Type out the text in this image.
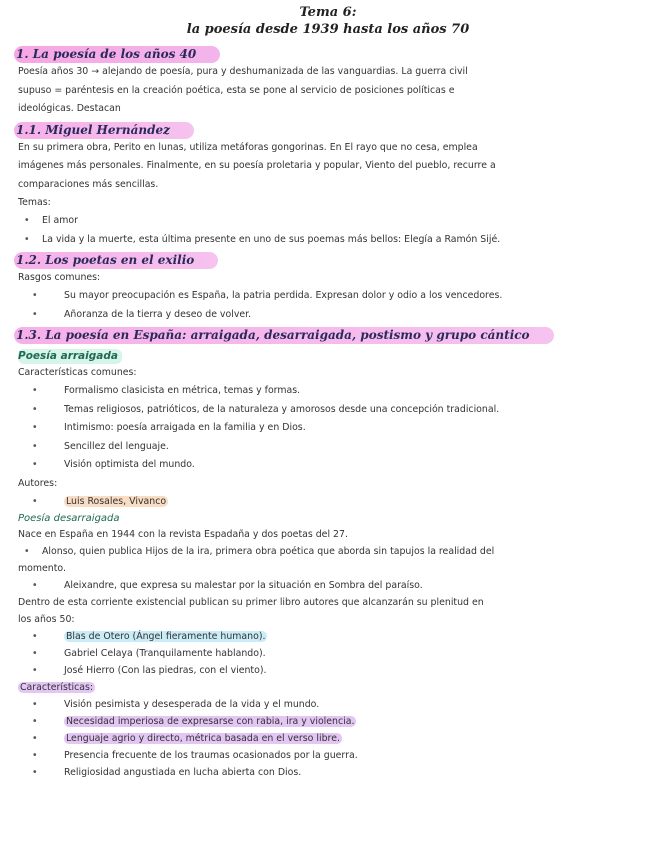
Tema 6:
la poesía desde 1939 hasta los años 70
1. La poesía de los años 40

Poesía años 30 → alejando de poesía, pura y deshumanizada de las vanguardias. La guerra civil

supuso = paréntesis en la creación poética, esta se pone al servicio de posiciones políticas e

ideológicas. Destacan

1.1. Miguel Hernández

En su primera obra, Perito en lunas, utiliza metáforas gongorinas. En El rayo que no cesa, emplea

imágenes más personales. Finalmente, en su poesía proletaria y popular, Viento del pueblo, recurre a

comparaciones más sencillas.

Temas:
• El amor
• La vida y la muerte, esta última presente en uno de sus poemas más bellos: Elegía a Ramón Sijé.
1.2. Los poetas en el exilio
Rasgos comunes:
• Su mayor preocupación es España, la patria perdida. Expresan dolor y odio a los vencedores.
• Añoranza de la tierra y deseo de volver.
1.3. La poesía en España: arraigada, desarraigada, postismo y grupo cántico
Poesía arraigada
Características comunes:
• Formalismo clasicista en métrica, temas y formas.
• Temas religiosos, patrióticos, de la naturaleza y amorosos desde una concepción tradicional.
• Intimismo: poesía arraigada en la familia y en Dios.
• Sencillez del lenguaje.
• Visión optimista del mundo.
Autores:
• Luis Rosales, Vivanco
Poesía desarraigada

Nace en España en 1944 con la revista Espadaña y dos poetas del 27.

• Alonso, quien publica Hijos de la ira, primera obra poética que aborda sin tapujos la realidad del

momento.

• Aleixandre, que expresa su malestar por la situación en Sombra del paraíso.

Dentro de esta corriente existencial publican su primer libro autores que alcanzarán su plenitud en

los años 50:

• Blas de Otero (Ángel fieramente humano).
• Gabriel Celaya (Tranquilamente hablando).
• José Hierro (Con las piedras, con el viento).
Características:
• Visión pesimista y desesperada de la vida y el mundo.
• Necesidad imperiosa de expresarse con rabia, ira y violencia.
• Lenguaje agrio y directo, métrica basada en el verso libre.
• Presencia frecuente de los traumas ocasionados por la guerra.
• Religiosidad angustiada en lucha abierta con Dios.
